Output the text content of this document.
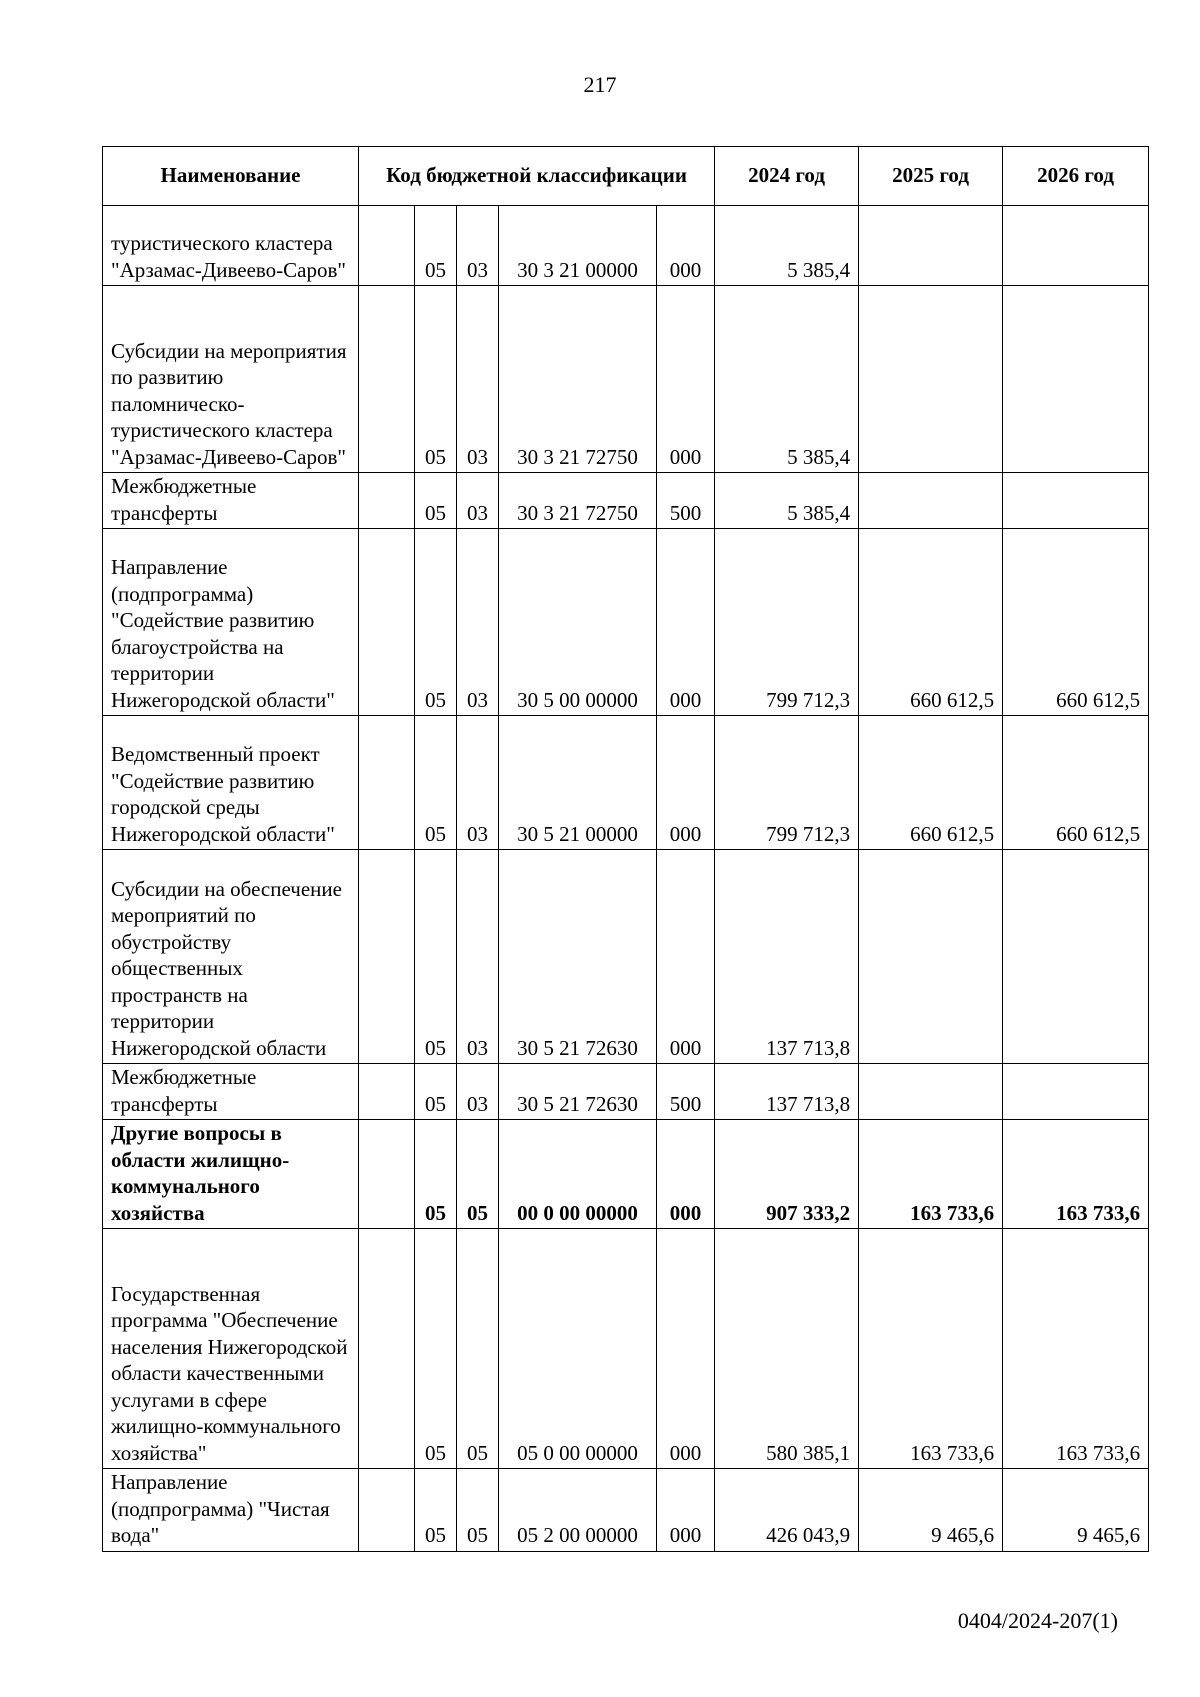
217
Наименование	Код бюджетной классификации					2024 год	2025 год	2026 год
туристического кластера "Арзамас-Дивеево-Саров"		05	03	30 3 21 00000	000	5 385,4		
Субсидии на мероприятия по развитию паломническо-туристического кластера "Арзамас-Дивеево-Саров"		05	03	30 3 21 72750	000	5 385,4		
Межбюджетные трансферты		05	03	30 3 21 72750	500	5 385,4		
Направление (подпрограмма) "Содействие развитию благоустройства на территории Нижегородской области"		05	03	30 5 00 00000	000	799 712,3	660 612,5	660 612,5
Ведомственный проект "Содействие развитию городской среды Нижегородской области"		05	03	30 5 21 00000	000	799 712,3	660 612,5	660 612,5
Субсидии на обеспечение мероприятий по обустройству общественных пространств на территории Нижегородской области		05	03	30 5 21 72630	000	137 713,8		
Межбюджетные трансферты		05	03	30 5 21 72630	500	137 713,8		
Другие вопросы в области жилищно-коммунального хозяйства		05	05	00 0 00 00000	000	907 333,2	163 733,6	163 733,6
Государственная программа "Обеспечение населения Нижегородской области качественными услугами в сфере жилищно-коммунального хозяйства"		05	05	05 0 00 00000	000	580 385,1	163 733,6	163 733,6
Направление (подпрограмма) "Чистая вода"		05	05	05 2 00 00000	000	426 043,9	9 465,6	9 465,6
0404/2024-207(1)
